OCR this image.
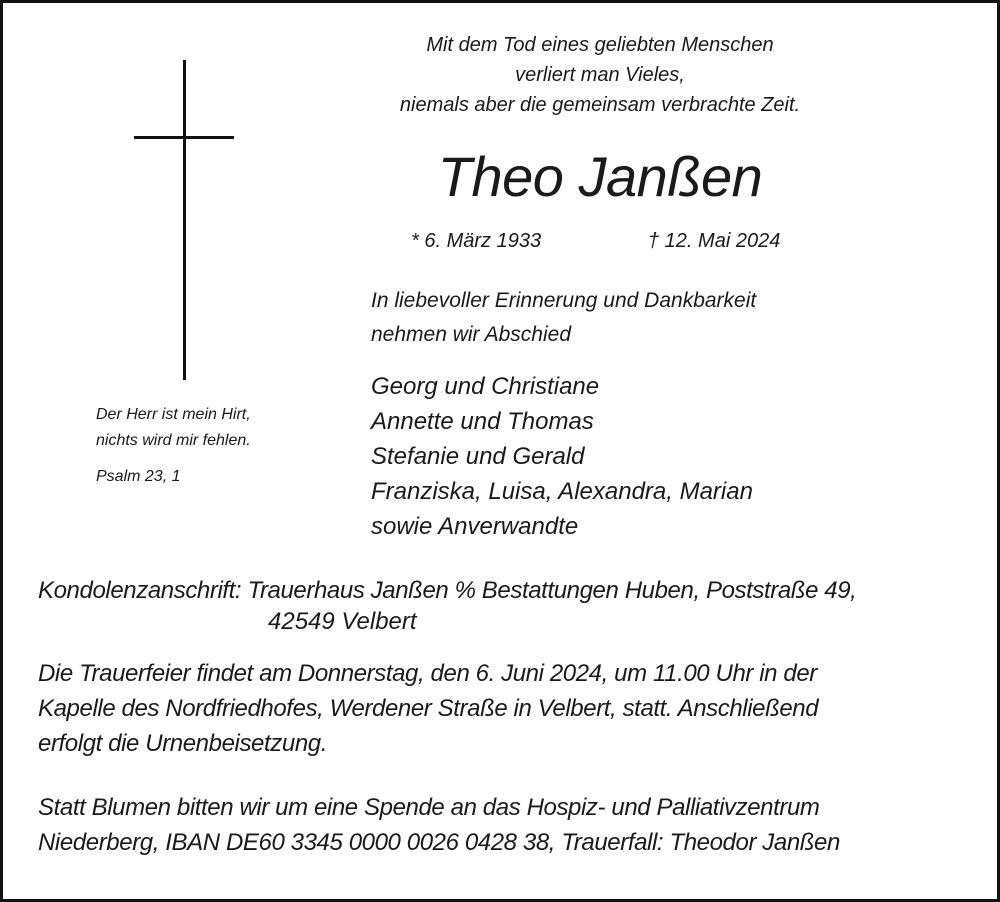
Mit dem Tod eines geliebten Menschen
verliert man Vieles,
niemals aber die gemeinsam verbrachte Zeit.
Theo Janßen
* 6. März 1933	† 12. Mai 2024
In liebevoller Erinnerung und Dankbarkeit
nehmen wir Abschied
Georg und Christiane
Annette und Thomas
Stefanie und Gerald
Franziska, Luisa, Alexandra, Marian
sowie Anverwandte
Der Herr ist mein Hirt,
nichts wird mir fehlen.
Psalm 23, 1
Kondolenzanschrift: Trauerhaus Janßen % Bestattungen Huben, Poststraße 49,
42549 Velbert
Die Trauerfeier findet am Donnerstag, den 6. Juni 2024, um 11.00 Uhr in der
Kapelle des Nordfriedhofes, Werdener Straße in Velbert, statt. Anschließend
erfolgt die Urnenbeisetzung.
Statt Blumen bitten wir um eine Spende an das Hospiz- und Palliativzentrum
Niederberg, IBAN DE60 3345 0000 0026 0428 38, Trauerfall: Theodor Janßen
